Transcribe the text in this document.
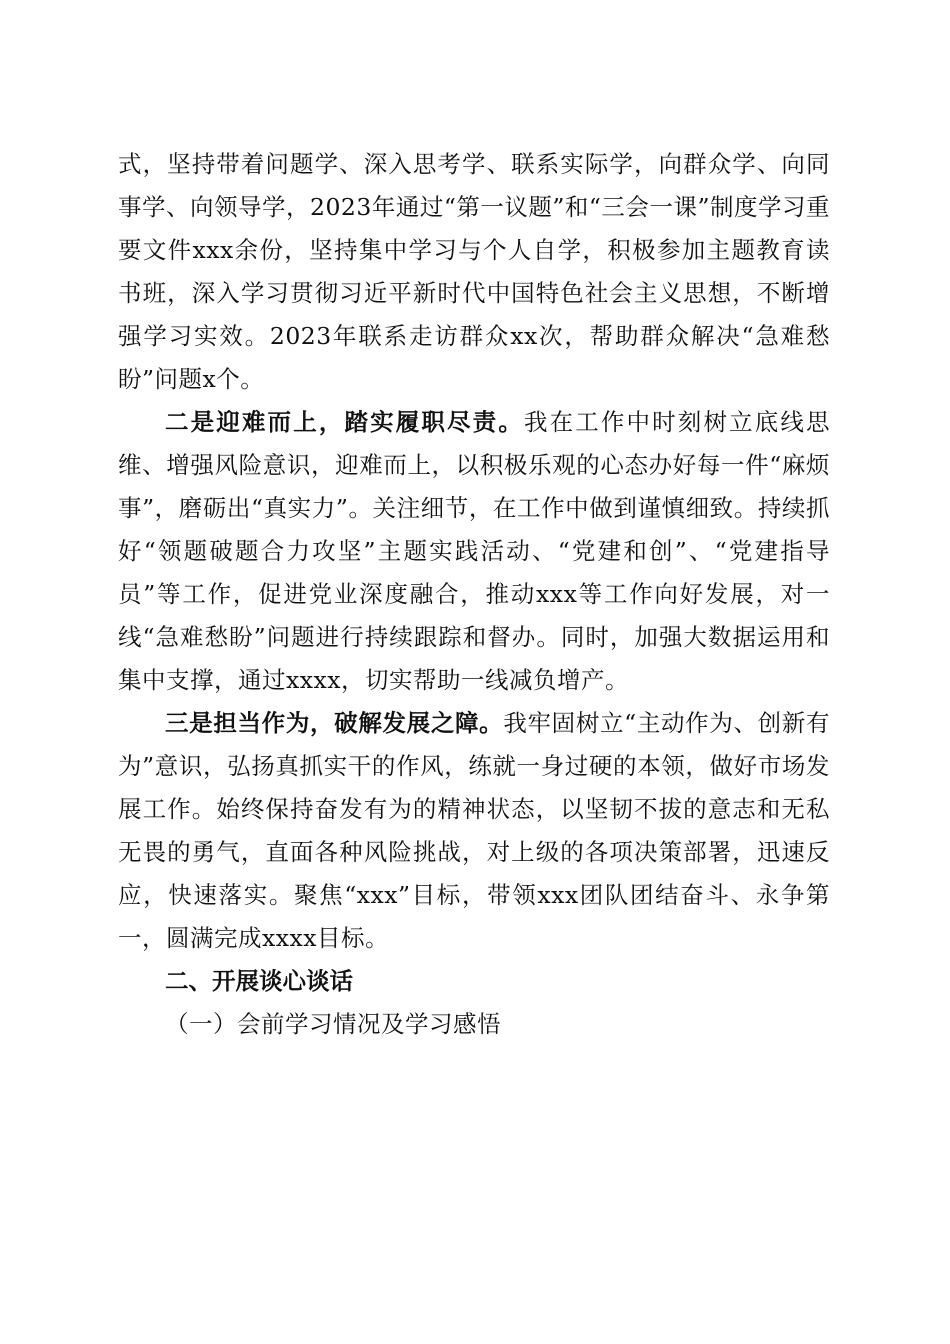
式，坚持带着问题学、深入思考学、联系实际学，向群众学、向同事学、向领导学，2023年通过“第一议题”和“三会一课”制度学习重要文件xxx余份，坚持集中学习与个人自学，积极参加主题教育读书班，深入学习贯彻习近平新时代中国特色社会主义思想，不断增强学习实效。2023年联系走访群众xx次，帮助群众解决“急难愁盼”问题x个。

二是迎难而上，踏实履职尽责。我在工作中时刻树立底线思维、增强风险意识，迎难而上，以积极乐观的心态办好每一件“麻烦事”，磨砺出“真实力”。关注细节，在工作中做到谨慎细致。持续抓好“领题破题合力攻坚”主题实践活动、“党建和创”、“党建指导员”等工作，促进党业深度融合，推动xxx等工作向好发展，对一线“急难愁盼”问题进行持续跟踪和督办。同时，加强大数据运用和集中支撑，通过xxxx，切实帮助一线减负增产。

三是担当作为，破解发展之障。我牢固树立“主动作为、创新有为”意识，弘扬真抓实干的作风，练就一身过硬的本领，做好市场发展工作。始终保持奋发有为的精神状态，以坚韧不拔的意志和无私无畏的勇气，直面各种风险挑战，对上级的各项决策部署，迅速反应，快速落实。聚焦“xxx”目标，带领xxx团队团结奋斗、永争第一，圆满完成xxxx目标。

二、开展谈心谈话

（一）会前学习情况及学习感悟
